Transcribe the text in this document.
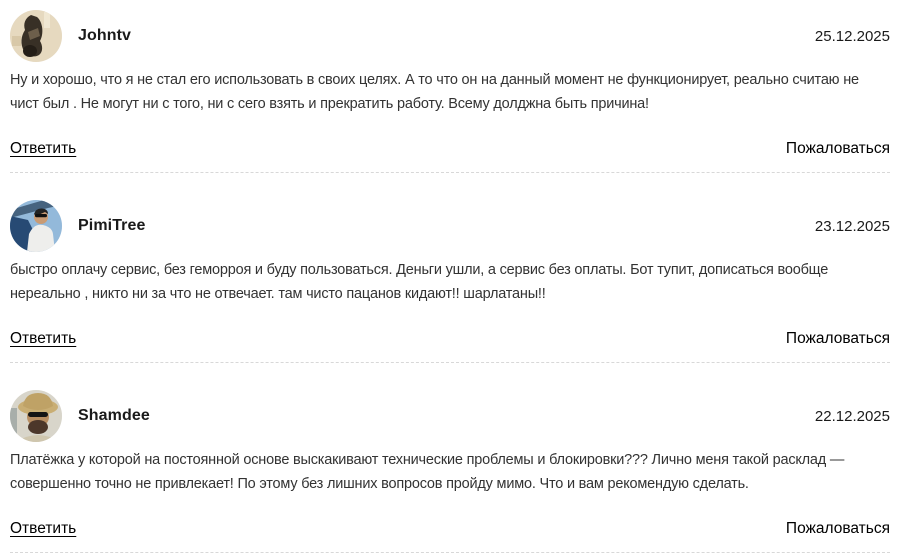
Johntv	25.12.2025
Ну и хорошо, что я не стал его использовать в своих целях. А то что он на данный момент не функционирует, реально считаю не чист был . Не могут ни с того, ни с сего взять и прекратить работу. Всему долджна быть причина!
Ответить	Пожаловаться
PimiTree	23.12.2025
быстро оплачу сервис, без геморроя и буду пользоваться. Деньги ушли, а сервис без оплаты. Бот тупит, дописаться вообще нереально , никто ни за что не отвечает. там чисто пацанов кидают!! шарлатаны!!
Ответить	Пожаловаться
Shamdee	22.12.2025
Платёжка у которой на постоянной основе выскакивают технические проблемы и блокировки??? Лично меня такой расклад — совершенно точно не привлекает! По этому без лишних вопросов пройду мимо. Что и вам рекомендую сделать.
Ответить	Пожаловаться
